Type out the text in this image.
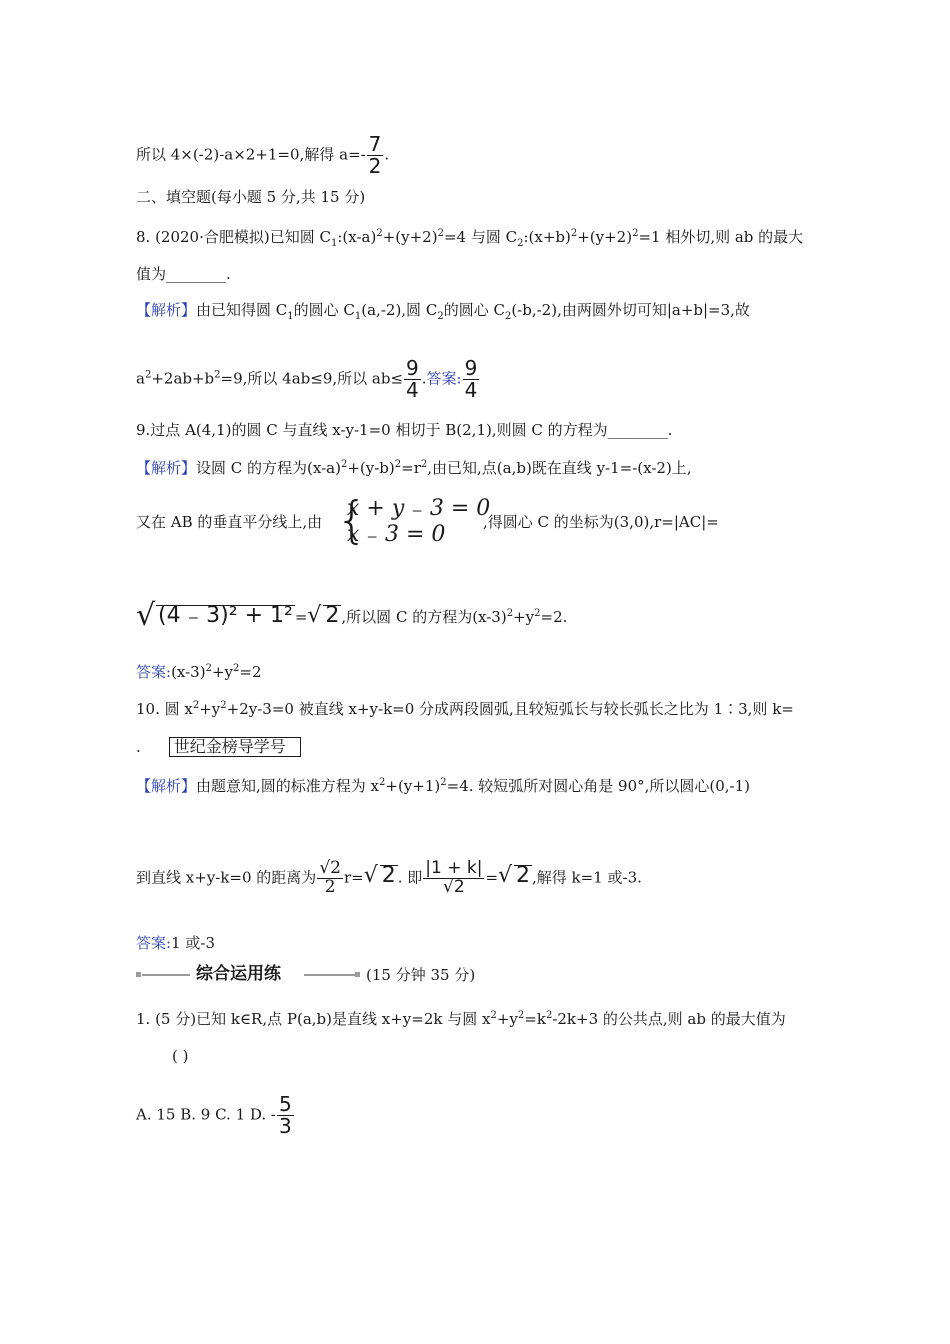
所以 4×(-2)-a×2+1=0,解得 $a=- \frac{7}{2}$ .
二、填空题(每小题 5 分,共 15 分)
8. (2020·合肥模拟)已知圆 $C_1:(x-a)^2+(y+2)^2=4$ 与圆 $C_2:(x+b)^2+(y+2)^2=1$ 相外切,则 ab 的最大
值为________.
【解析】由已知得圆 $C_1$的圆心 $C_1(a,-2)$,圆 $C_2$的圆心 $C_2(-b,-2)$,由两圆外切可知|a+b|=3,故
$a^2+2ab+b^2=9$,所以 4ab≤9,所以 $ab\le \frac{9}{4}$ .答案: $\frac{9}{4}$
9.过点 A(4,1)的圆 C 与直线 x-y-1=0 相切于 B(2,1),则圆 C 的方程为________.
【解析】设圆 C 的方程为$(x-a)^2+(y-b)^2=r^2$,由已知,点(a,b)既在直线 y-1=-(x-2)上,
又在 AB 的垂直平分线上,由 {
x + y ₋ 3 = 0
x ₋ 3 = 0	,得圆心 C 的坐标为(3,0),r=|AC|=
√ (4 ₋ 3)² + 1² = √ 2 ,所以圆 C 的方程为$(x-3)^2+y^2=2$.
答案$:(x-3)^2+y^2=2$
10. 圆 $x^2+y^2+2y-3=0$ 被直线 x+y-k=0 分成两段圆弧,且较短弧长与较长弧长之比为 1∶3,则 k=
. 世纪金榜导学号
【解析】由题意知,圆的标准方程为 $x^2+(y+1)^2=4$. 较短弧所对圆心角是 90°,所以圆心(0,-1)
到直线 x+y-k=0 的距离为 $\frac{√2}{2} r=$ √ 2 . 即 $\frac{|1 + k|}{√2}$ = √ 2 ,解得 k=1 或-3.
答案:1 或-3
综合运用练	(15 分钟 35 分)
1. (5 分)已知 k∈R,点 P(a,b)是直线 x+y=2k 与圆 $x^2+y^2=k^2-2k+3$ 的公共点,则 ab 的最大值为
( )
A. 15 B. 9 C. 1 D. - $\frac{5}{3}$
